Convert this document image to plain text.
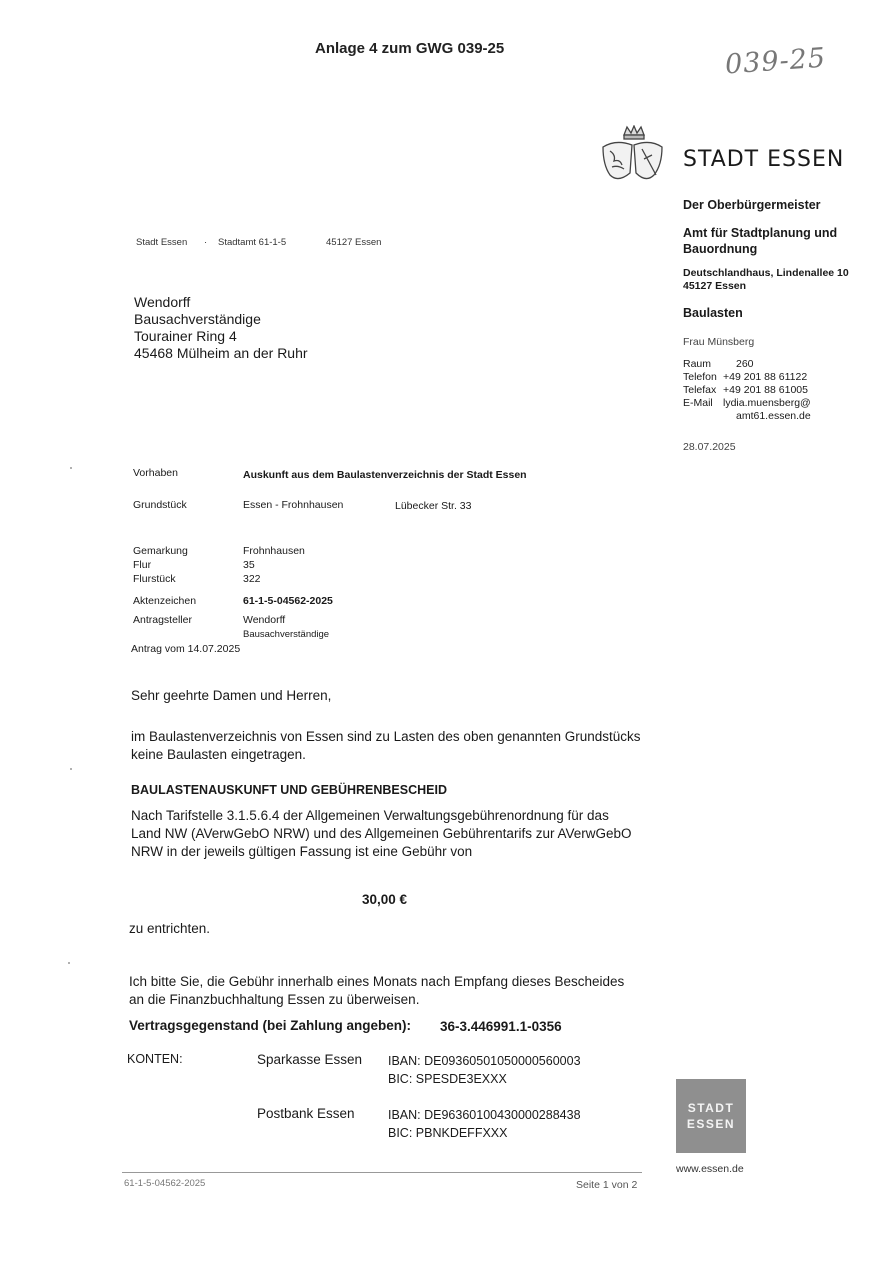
Anlage 4 zum GWG 039-25	039-25
STADT ESSEN
Der Oberbürgermeister
Amt für Stadtplanung und
Bauordnung
Deutschlandhaus, Lindenallee 10
45127 Essen
Baulasten
Frau Münsberg
Raum 260
Telefon +49 201 88 61122
Telefax +49 201 88 61005
E-Mail lydia.muensberg@
amt61.essen.de
28.07.2025
Stadt Essen · Stadtamt 61-1-5	45127 Essen
Wendorff
Bausachverständige
Tourainer Ring 4
45468 Mülheim an der Ruhr
Vorhaben	Auskunft aus dem Baulastenverzeichnis der Stadt Essen
Grundstück	Essen - Frohnhausen	Lübecker Str. 33
Gemarkung	Frohnhausen
Flur	35
Flurstück	322
Aktenzeichen	61-1-5-04562-2025
Antragsteller	Wendorff
Bausachverständige
Antrag vom 14.07.2025
Sehr geehrte Damen und Herren,
im Baulastenverzeichnis von Essen sind zu Lasten des oben genannten Grundstücks
keine Baulasten eingetragen.
BAULASTENAUSKUNFT UND GEBÜHRENBESCHEID
Nach Tarifstelle 3.1.5.6.4 der Allgemeinen Verwaltungsgebührenordnung für das
Land NW (AVerwGebO NRW) und des Allgemeinen Gebührentarifs zur AVerwGebO
NRW in der jeweils gültigen Fassung ist eine Gebühr von
30,00 €
zu entrichten.
Ich bitte Sie, die Gebühr innerhalb eines Monats nach Empfang dieses Bescheides
an die Finanzbuchhaltung Essen zu überweisen.
Vertragsgegenstand (bei Zahlung angeben): 36-3.446991.1-0356
KONTEN:	Sparkasse Essen IBAN: DE09360501050000560003
BIC: SPESDE3EXXX
Postbank Essen	IBAN: DE96360100430000288438
BIC: PBNKDEFFXXX
STADT
ESSEN
www.essen.de
61-1-5-04562-2025	Seite 1 von 2
